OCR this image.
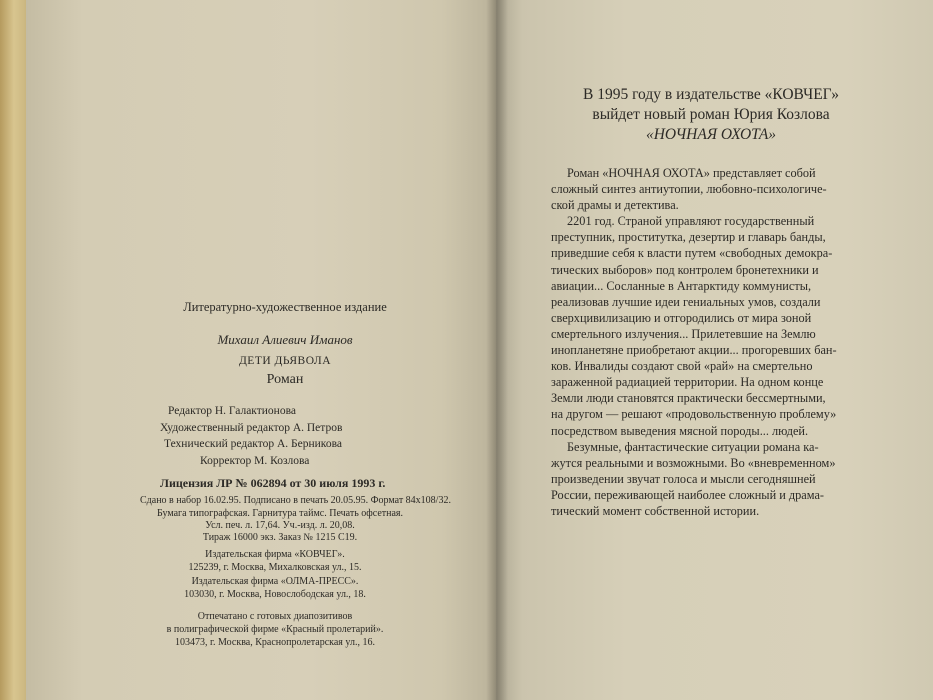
Литературно-художественное издание
Михаил Алиевич Иманов
ДЕТИ ДЬЯВОЛА
Роман
Редактор Н. Галактионова
Художественный редактор А. Петров
Технический редактор А. Берникова
Корректор М. Козлова
Лицензия ЛР № 062894 от 30 июля 1993 г.
Сдано в набор 16.02.95. Подписано в печать 20.05.95. Формат 84х108/32.
Бумага типографская. Гарнитура таймс. Печать офсетная.
Усл. печ. л. 17,64. Уч.-изд. л. 20,08.
Тираж 16000 экз. Заказ № 1215 С19.
Издательская фирма «КОВЧЕГ».
125239, г. Москва, Михалковская ул., 15.
Издательская фирма «ОЛМА-ПРЕСС».
103030, г. Москва, Новослободская ул., 18.
Отпечатано с готовых диапозитивов
в полиграфической фирме «Красный пролетарий».
103473, г. Москва, Краснопролетарская ул., 16.
В 1995 году в издательстве «КОВЧЕГ»
выйдет новый роман Юрия Козлова
«НОЧНАЯ ОХОТА»
Роман «НОЧНАЯ ОХОТА» представляет собой
сложный синтез антиутопии, любовно-психологиче-
ской драмы и детектива.
2201 год. Страной управляют государственный
преступник, проститутка, дезертир и главарь банды,
приведшие себя к власти путем «свободных демокра-
тических выборов» под контролем бронетехники и
авиации... Сосланные в Антарктиду коммунисты,
реализовав лучшие идеи гениальных умов, создали
сверхцивилизацию и отгородились от мира зоной
смертельного излучения... Прилетевшие на Землю
инопланетяне приобретают акции... прогоревших бан-
ков. Инвалиды создают свой «рай» на смертельно
зараженной радиацией территории. На одном конце
Земли люди становятся практически бессмертными,
на другом — решают «продовольственную проблему»
посредством выведения мясной породы... людей.
Безумные, фантастические ситуации романа ка-
жутся реальными и возможными. Во «вневременном»
произведении звучат голоса и мысли сегодняшней
России, переживающей наиболее сложный и драма-
тический момент собственной истории.
